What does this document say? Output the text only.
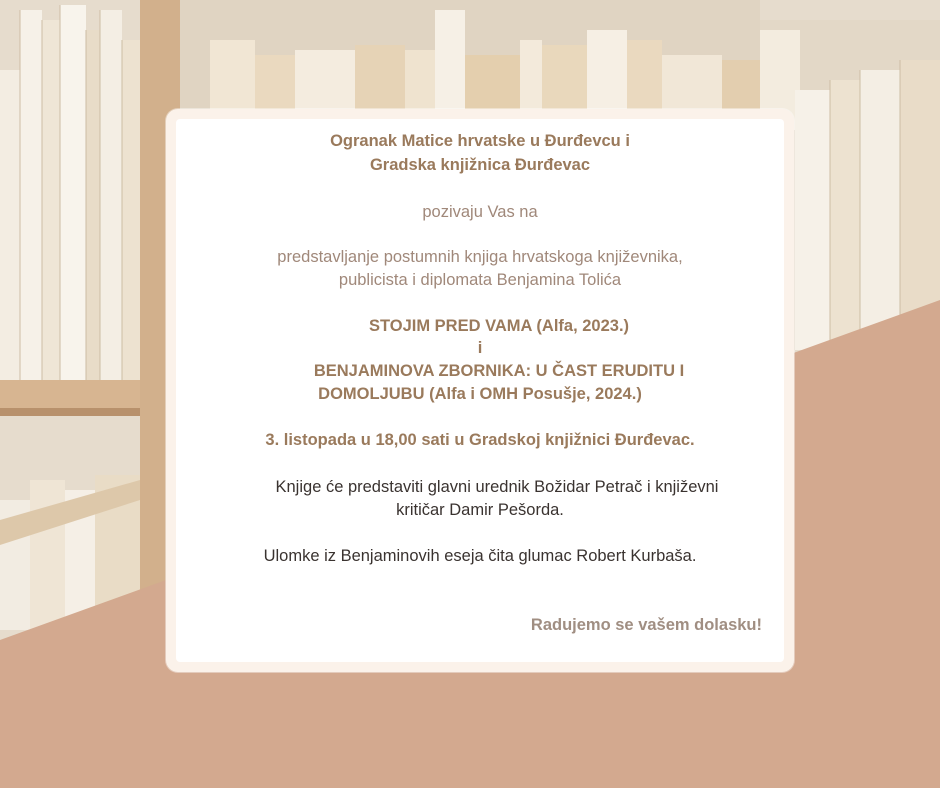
Ogranak Matice hrvatske u Đurđevcu i
Gradska knjižnica Đurđevac
pozivaju Vas na
predstavljanje postumnih knjiga hrvatskoga književnika,
publicista i diplomata Benjamina Tolića
STOJIM PRED VAMA (Alfa, 2023.)
i
BENJAMINOVA ZBORNIKA: U ČAST ERUDITU I
DOMOLJUBU (Alfa i OMH Posušje, 2024.)
3. listopada u 18,00 sati u Gradskoj knjižnici Đurđevac.
Knjige će predstaviti glavni urednik Božidar Petrač i književni
kritičar Damir Pešorda.
Ulomke iz Benjaminovih eseja čita glumac Robert Kurbaša.
Radujemo se vašem dolasku!
